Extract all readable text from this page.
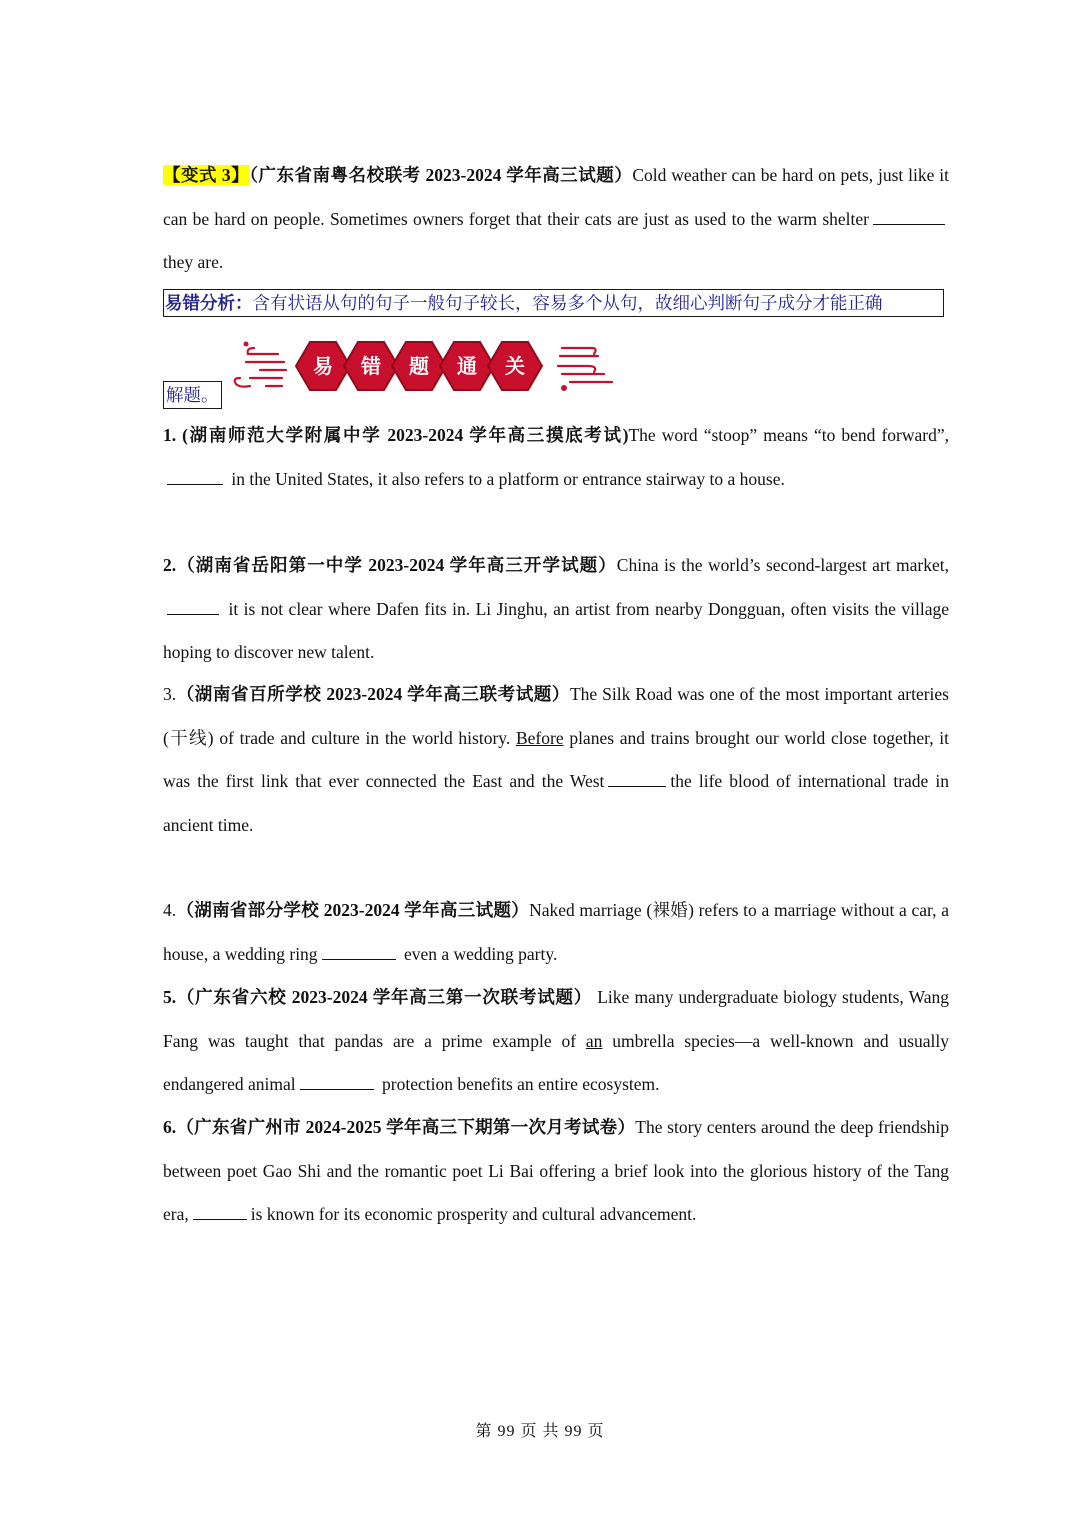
【变式 3】（广东省南粤名校联考 2023-2024 学年高三试题）Cold weather can be hard on pets, just like it can be hard on people. Sometimes owners forget that their cats are just as used to the warm shelter they are.

易错分析：含有状语从句的句子一般句子较长，容易多个从句，故细心判断句子成分才能正确
易 错 题 通 关
解题。

1. (湖南师范大学附属中学 2023-2024 学年高三摸底考试)The word “stoop” means “to bend forward”, in the United States, it also refers to a platform or entrance stairway to a house.

2.（湖南省岳阳第一中学 2023-2024 学年高三开学试题）China is the world’s second-largest art market, it is not clear where Dafen fits in. Li Jinghu, an artist from nearby Dongguan, often visits the village hoping to discover new talent.

3.（湖南省百所学校 2023-2024 学年高三联考试题）The Silk Road was one of the most important arteries (干线) of trade and culture in the world history. Before planes and trains brought our world close together, it was the first link that ever connected the East and the West	the life blood of international trade in ancient time.

4.（湖南省部分学校 2023-2024 学年高三试题）Naked marriage (裸婚) refers to a marriage without a car, a house, a wedding ring	even a wedding party.

5.（广东省六校 2023-2024 学年高三第一次联考试题） Like many undergraduate biology students, Wang Fang was taught that pandas are a prime example of an umbrella species—a well-known and usually endangered animal	protection benefits an entire ecosystem.

6.（广东省广州市 2024-2025 学年高三下期第一次月考试卷）The story centers around the deep friendship between poet Gao Shi and the romantic poet Li Bai offering a brief look into the glorious history of the Tang era,	is known for its economic prosperity and cultural advancement.

第 99 页 共 99 页
